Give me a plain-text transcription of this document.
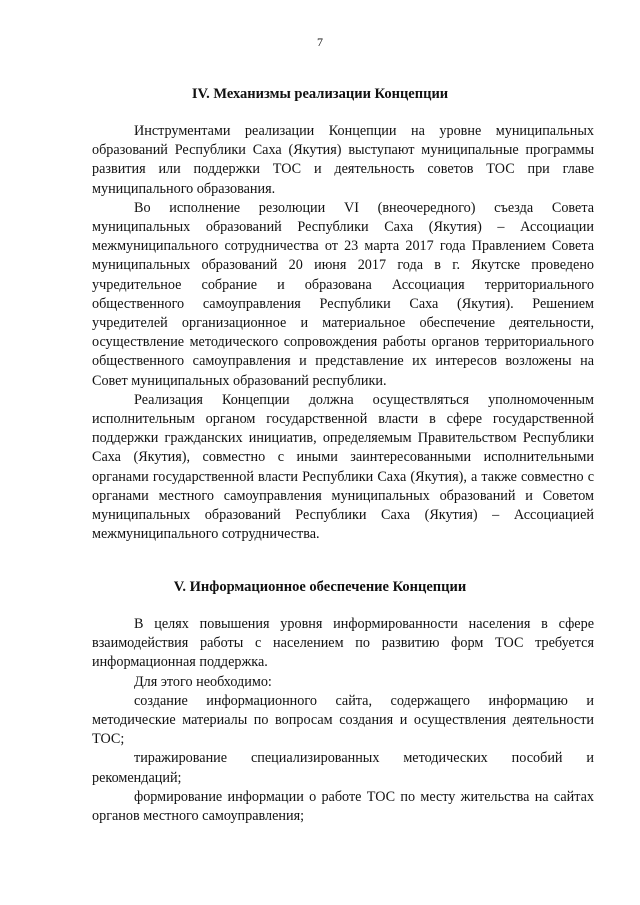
7
IV. Механизмы реализации Концепции

Инструментами реализации Концепции на уровне муниципальных образований Республики Саха (Якутия) выступают муниципальные программы развития или поддержки ТОС и деятельность советов ТОС при главе муниципального образования.

Во исполнение резолюции VI (внеочередного) съезда Совета муниципальных образований Республики Саха (Якутия) – Ассоциации межмуниципального сотрудничества от 23 марта 2017 года Правлением Совета муниципальных образований 20 июня 2017 года в г. Якутске проведено учредительное собрание и образована Ассоциация территориального общественного самоуправления Республики Саха (Якутия). Решением учредителей организационное и материальное обеспечение деятельности, осуществление методического сопровождения работы органов территориального общественного самоуправления и представление их интересов возложены на Совет муниципальных образований республики.

Реализация Концепции должна осуществляться уполномоченным исполнительным органом государственной власти в сфере государственной поддержки гражданских инициатив, определяемым Правительством Республики Саха (Якутия), совместно с иными заинтересованными исполнительными органами государственной власти Республики Саха (Якутия), а также совместно с органами местного самоуправления муниципальных образований и Советом муниципальных образований Республики Саха (Якутия) – Ассоциацией межмуниципального сотрудничества.

V. Информационное обеспечение Концепции

В целях повышения уровня информированности населения в сфере взаимодействия работы с населением по развитию форм ТОС требуется информационная поддержка.

Для этого необходимо:

создание информационного сайта, содержащего информацию и методические материалы по вопросам создания и осуществления деятельности ТОС;

тиражирование специализированных методических пособий и рекомендаций;

формирование информации о работе ТОС по месту жительства на сайтах органов местного самоуправления;
